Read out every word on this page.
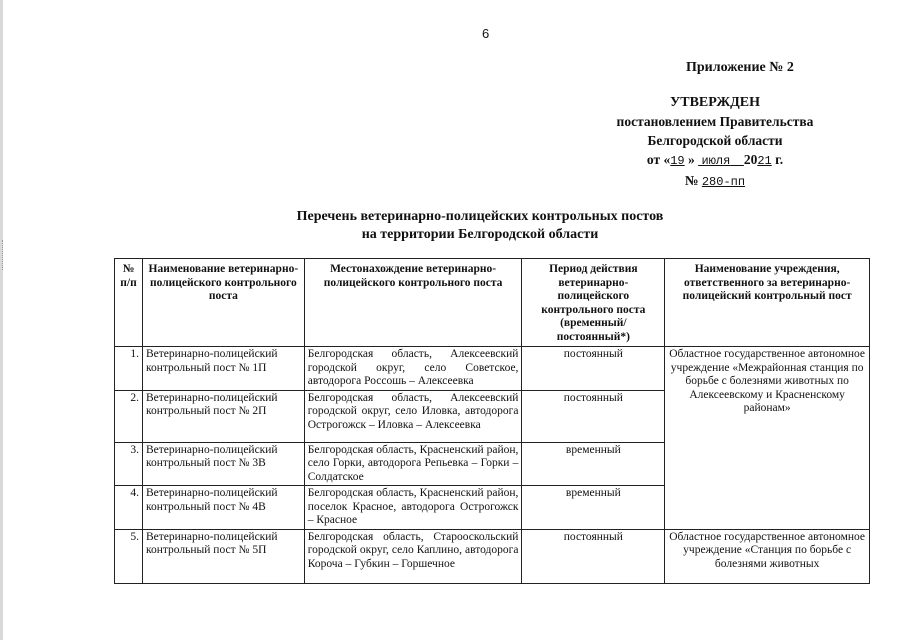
6
Приложение № 2
УТВЕРЖДЕН
постановлением Правительства
Белгородской области
от «19 » июля 2021 г.
№ 280-пп
Перечень ветеринарно-полицейских контрольных постов
на территории Белгородской области
№ п/п	Наименование ветеринарно-полицейского контрольного поста	Местонахождение ветеринарно-полицейского контрольного поста	Период действия ветеринарно-полицейского контрольного поста (временный/ постоянный*)	Наименование учреждения, ответственного за ветеринарно-полицейский контрольный пост
1.	Ветеринарно-полицейский контрольный пост № 1П	Белгородская область, Алексеевский городской округ, село Советское, автодорога Россошь – Алексеевка	постоянный	Областное государственное автономное учреждение «Межрайонная станция по борьбе с болезнями животных по Алексеевскому и Красненскому районам»
2.	Ветеринарно-полицейский контрольный пост № 2П	Белгородская область, Алексеевский городской округ, село Иловка, автодорога Острогожск – Иловка – Алексеевка	постоянный	
3.	Ветеринарно-полицейский контрольный пост № 3В	Белгородская область, Красненский район, село Горки, автодорога Репьевка – Горки – Солдатское	временный	
4.	Ветеринарно-полицейский контрольный пост № 4В	Белгородская область, Красненский район, поселок Красное, автодорога Острогожск – Красное	временный	
5.	Ветеринарно-полицейский контрольный пост № 5П	Белгородская область, Старооскольский городской округ, село Каплино, автодорога Короча – Губкин – Горшечное	постоянный	Областное государственное автономное учреждение «Станция по борьбе с болезнями животных
